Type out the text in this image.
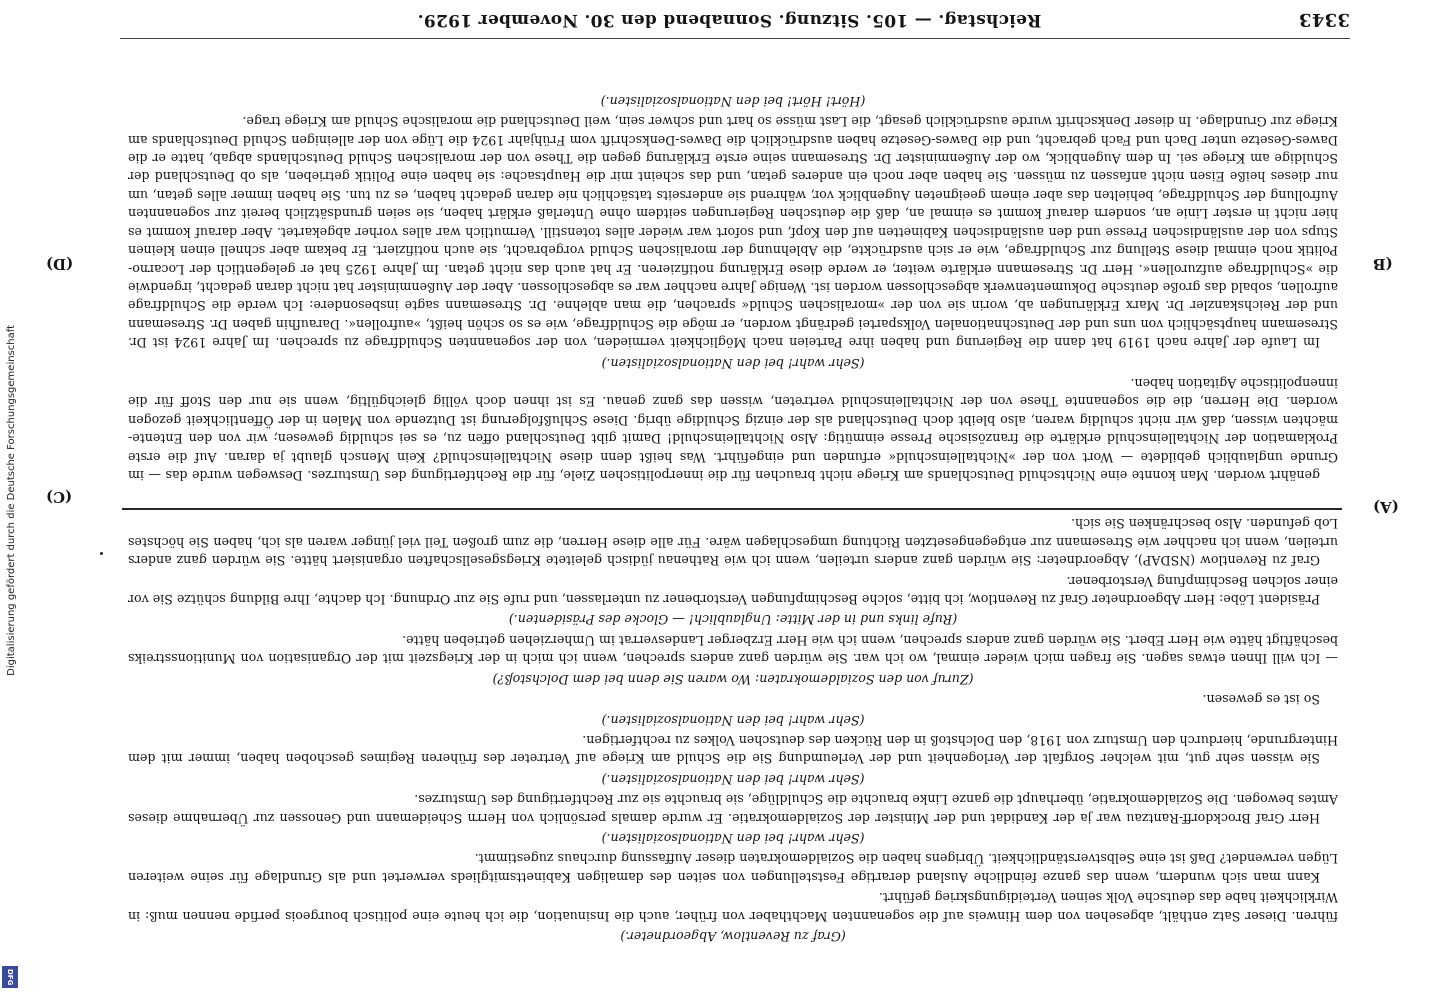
3343
Reichstag. — 105. Sitzung. Sonnabend den 30. November 1929.

genährt worden. Man konnte eine Nichtschuld Deutschlands am Kriege nicht brauchen für die innerpolitischen Ziele, für die Rechtfertigung des Umsturzes. Deswegen wurde das — im Grunde unglaublich gebildete — Wort von der »Nichtalleinschuld« erfunden und eingeführt. Was heißt denn diese Nichtalleinschuld? Kein Mensch glaubt ja daran. Auf die erste Proklamation der Nichtalleinschuld erklärte die französische Presse einmütig: Also Nichtalleinschuld! Damit gibt Deutschland offen zu, es sei schuldig gewesen; wir von den Entente-mächten wissen, daß wir nicht schuldig waren, also bleibt doch Deutschland als der einzig Schuldige übrig. Diese Schlußfolgerung ist Dutzende von Malen in der Öffentlichkeit gezogen worden. Die Herren, die die sogenannte These von der Nichtalleinschuld vertreten, wissen das ganz genau. Es ist ihnen doch völlig gleichgültig, wenn sie nur den Stoff für die innenpolitische Agitation haben.

(Sehr wahr! bei den Nationalsozialisten.)

Im Laufe der Jahre nach 1919 hat dann die Regierung und haben ihre Parteien nach Möglichkeit vermieden, von der sogenannten Schuldfrage zu sprechen. Im Jahre 1924 ist Dr. Stresemann hauptsächlich von uns und der Deutschnationalen Volkspartei gedrängt worden, er möge die Schuldfrage, wie es so schön heißt, »aufrollen«. Daraufhin gaben Dr. Stresemann und der Reichskanzler Dr. Marx Erklärungen ab, worin sie von der »moralischen Schuld« sprachen, die man ablehne. Dr. Stresemann sagte insbesondere: Ich werde die Schuldfrage aufrollen, sobald das große deutsche Dokumentenwerk abgeschlossen worden ist. Wenige Jahre nachher war es abgeschlossen. Aber der Außenminister hat nicht daran gedacht, irgendwie die »Schuldfrage aufzurollen«. Herr Dr. Stresemann erklärte weiter, er werde diese Erklärung notifizieren. Er hat auch das nicht getan. Im Jahre 1925 hat er gelegentlich der Locarno-Politik noch einmal diese Stellung zur Schuldfrage, wie er sich ausdrückte, die Ablehnung der moralischen Schuld vorgebracht, sie auch notifiziert. Er bekam aber schnell einen kleinen Stups von der ausländischen Presse und den ausländischen Kabinetten auf den Kopf, und sofort war wieder alles totenstill. Vermutlich war alles vorher abgekartet. Aber darauf kommt es hier nicht in erster Linie an, sondern darauf kommt es einmal an, daß die deutschen Regierungen seitdem ohne Unterlaß erklärt haben, sie seien grundsätzlich bereit zur sogenannten Aufrollung der Schuldfrage, behielten das aber einem geeigneten Augenblick vor, während sie anderseits tatsächlich nie daran gedacht haben, es zu tun. Sie haben immer alles getan, um nur dieses heiße Eisen nicht anfassen zu müssen. Sie haben aber noch ein anderes getan, und das scheint mir die Hauptsache: sie haben eine Politik getrieben, als ob Deutschland der Schuldige am Kriege sei. In dem Augenblick, wo der Außenminister Dr. Stresemann seine erste Erklärung gegen die These von der moralischen Schuld Deutschlands abgab, hatte er die Dawes-Gesetze unter Dach und Fach gebracht, und die Dawes-Gesetze haben ausdrücklich die Dawes-Denkschrift vom Frühjahr 1924 die Lüge von der alleinigen Schuld Deutschlands am Kriege zur Grundlage. In dieser Denkschrift wurde ausdrücklich gesagt, die Last müsse so hart und schwer sein, weil Deutschland die moralische Schuld am Kriege trage.

(Hört! Hört! bei den Nationalsozialisten.)

(Graf zu Reventlow, Abgeordneter.)

führen. Dieser Satz enthält, abgesehen von dem Hinweis auf die sogenannten Machthaber von früher, auch die Insinuation, die ich heute eine politisch bourgeois perfide nennen muß: in Wirklichkeit habe das deutsche Volk seinen Verteidigungskrieg geführt.

Kann man sich wundern, wenn das ganze feindliche Ausland derartige Feststellungen von seiten des damaligen Kabinettsmitglieds verwertet und als Grundlage für seine weiteren Lügen verwendet? Daß ist eine Selbstverständlichkeit. Übrigens haben die Sozialdemokraten dieser Auffassung durchaus zugestimmt.

(Sehr wahr! bei den Nationalsozialisten.)

Herr Graf Brockdorff-Rantzau war ja der Kandidat und der Minister der Sozialdemokratie. Er wurde damals persönlich von Herrn Scheidemann und Genossen zur Übernahme dieses Amtes bewogen. Die Sozialdemokratie, überhaupt die ganze Linke brauchte die Schuldlüge, sie brauchte sie zur Rechtfertigung des Umsturzes.

(Sehr wahr! bei den Nationalsozialisten.)

Sie wissen sehr gut, mit welcher Sorgfalt der Verlogenheit und der Verleumdung Sie die Schuld am Kriege auf Vertreter des früheren Regimes geschoben haben, immer mit dem Hintergrunde, hierdurch den Umsturz von 1918, den Dolchstoß in den Rücken des deutschen Volkes zu rechtfertigen.

(Sehr wahr! bei den Nationalsozialisten.)

So ist es gewesen.

(Zuruf von den Sozialdemokraten: Wo waren Sie denn bei dem Dolchstoß?)

— Ich will Ihnen etwas sagen. Sie fragen mich wieder einmal, wo ich war. Sie würden ganz anders sprechen, wenn ich mich in der Kriegszeit mit der Organisation von Munitionsstreiks beschäftigt hätte wie Herr Ebert. Sie würden ganz anders sprechen, wenn ich wie Herr Erzberger Landesverrat im Umherziehen getrieben hätte.

(Rufe links und in der Mitte: Unglaublich! — Glocke des Präsidenten.)

Präsident Löbe: Herr Abgeordneter Graf zu Reventlow, ich bitte, solche Beschimpfungen Verstorbener zu unterlassen, und rufe Sie zur Ordnung. Ich dachte, Ihre Bildung schütze Sie vor einer solchen Beschimpfung Verstorbener.

Graf zu Reventlow (NSDAP), Abgeordneter: Sie würden ganz anders urteilen, wenn ich wie Rathenau jüdisch geleitete Kriegsgesellschaften organisiert hätte. Sie würden ganz anders urteilen, wenn ich nachher wie Stresemann zur entgegengesetzten Richtung umgeschlagen wäre. Für alle diese Herren, die zum großen Teil viel jünger waren als ich, haben Sie höchstes Lob gefunden. Also beschränken Sie sich.

(A)
(B
(C)
(D)
Digitalisierung gefördert durch die Deutsche Forschungsgemeinschaft
DFG
